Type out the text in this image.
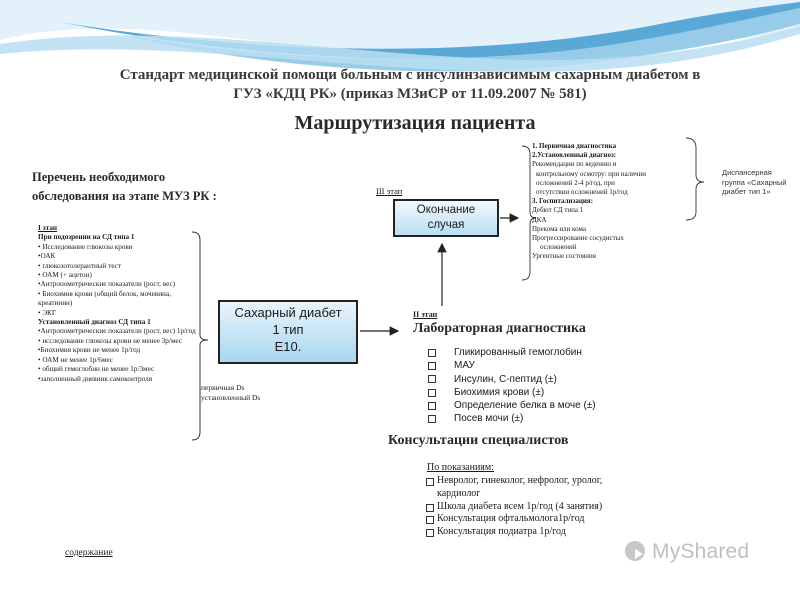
Стандарт медицинской помощи больным с инсулинзависимым сахарным диабетом в
ГУЗ «КДЦ РК» (приказ МЗиСР от 11.09.2007 № 581)
Маршрутизация пациента
Перечень необходимого
обследования на этапе МУЗ РК :
I этап
При подозрении на СД типа 1
• Исследование глюкозы крови
•ОАК
• глюкозотолерантный тест
• ОАМ (+ ацетон)
•Антропометрические показатели (рост, вес)
• Биохимия крови (общий белок, мочевина, креатинин)
• ЭКГ
Установленный диагноз СД типа 1
•Антропометрические показатели (рост, вес) 1р/год
• исследование глюкозы крови не менее 3р/мес
•Биохимия крови не менее 1р/год
• ОАМ не менее 1р/6мес
• общий гемоглобин не менее 1р/3мес
•заполненный дневник самоконтроля
Сахарный диабет
1 тип
Е10.
первичная Ds
установленный Ds
III этап
Окончание
случая
1. Первичная диагностика
2.Установленный диагноз:
Рекомендации по ведению и
контрольному осмотру: при наличии
осложнений 2-4 р/год, при
отсутствии осложнений 1р/год
3. Госпитализация:
Дебют СД типа 1
ДКА
Прекома или кома
Прогрессирование сосудистых
осложнений
Ургентные состояния
Диспансерная
группа «Сахарный
диабет тип 1»
II этап
Лабораторная диагностика
Гликированный гемоглобин
МАУ
Инсулин, С-пептид (±)
Биохимия крови (±)
Определение белка в моче (±)
Посев мочи (±)
Консультации специалистов
По показаниям:
Невролог, гинеколог, нефролог, уролог, кардиолог
Школа диабета всем 1р/год (4 занятия)
Консультация офтальмолога1р/год
Консультация подиатра 1р/год
содержание	MyShared
